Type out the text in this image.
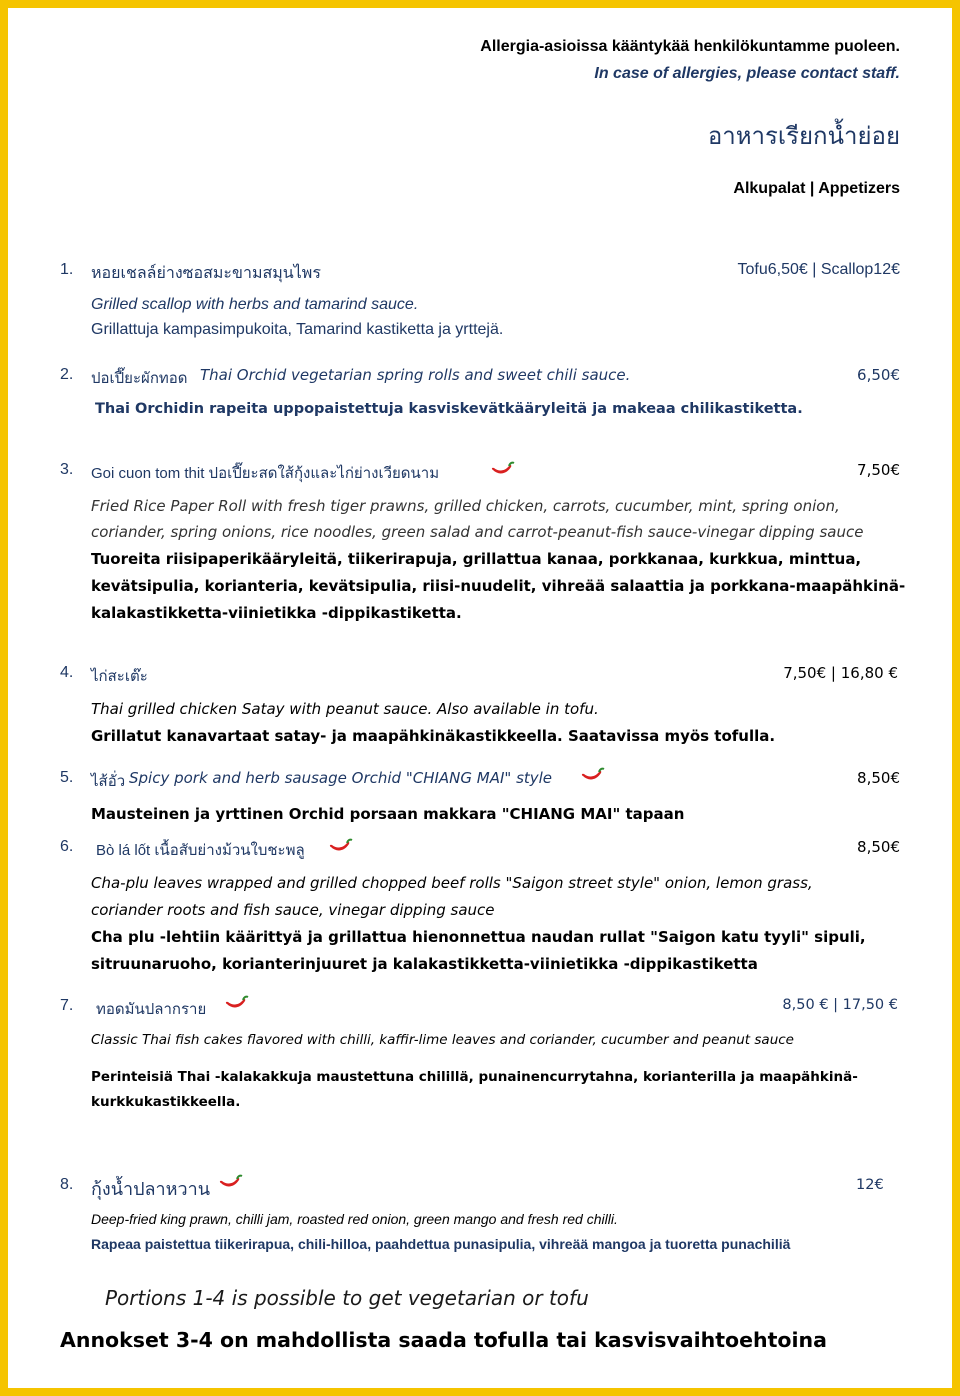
Allergia-asioissa kääntykää henkilökuntamme puoleen.
In case of allergies, please contact staff.
อาหารเรียกน้ำย่อย
Alkupalat | Appetizers
1. หอยเชลล์ย่างซอสมะขามสมุนไพร	Tofu6,50€ | Scallop12€
Grilled scallop with herbs and tamarind sauce.
Grillattuja kampasimpukoita, Tamarind kastiketta ja yrttejä.
2. ปอเปี๊ยะผักทอด Thai Orchid vegetarian spring rolls and sweet chili sauce.	6,50€
Thai Orchidin rapeita uppopaistettuja kasviskevätkääryleitä ja makeaa chilikastiketta.
3. Goi cuon tom thit ปอเปี๊ยะสดใส้กุ้งและไก่ย่างเวียดนาม	7,50€
Fried Rice Paper Roll with fresh tiger prawns, grilled chicken, carrots, cucumber, mint, spring onion,
coriander, spring onions, rice noodles, green salad and carrot-peanut-fish sauce-vinegar dipping sauce
Tuoreita riisipaperikääryleitä, tiikerirapuja, grillattua kanaa, porkkanaa, kurkkua, minttua,
kevätsipulia, korianteria, kevätsipulia, riisi-nuudelit, vihreää salaattia ja porkkana-maapähkinä-
kalakastikketta-viinietikka -dippikastiketta.
4. ไก่สะเต๊ะ	7,50€ | 16,80 €
Thai grilled chicken Satay with peanut sauce. Also available in tofu.
Grillatut kanavartaat satay- ja maapähkinäkastikkeella. Saatavissa myös tofulla.
5. ไส้อั่ว Spicy pork and herb sausage Orchid "CHIANG MAI" style	8,50€
Mausteinen ja yrttinen Orchid porsaan makkara "CHIANG MAI" tapaan
6. Bò lá lốt เนื้อสับย่างม้วนใบชะพลู	8,50€
Cha-plu leaves wrapped and grilled chopped beef rolls "Saigon street style" onion, lemon grass,
coriander roots and fish sauce, vinegar dipping sauce
Cha plu -lehtiin käärittyä ja grillattua hienonnettua naudan rullat "Saigon katu tyyli" sipuli,
sitruunaruoho, korianterinjuuret ja kalakastikketta-viinietikka -dippikastiketta
7. ทอดมันปลากราย	8,50 € | 17,50 €
Classic Thai fish cakes flavored with chilli, kaffir-lime leaves and coriander, cucumber and peanut sauce
Perinteisiä Thai -kalakakkuja maustettuna chilillä, punainencurrytahna, korianterilla ja maapähkinä-
kurkkukastikkeella.
8. กุ้งน้ำปลาหวาน	12€
Deep-fried king prawn, chilli jam, roasted red onion, green mango and fresh red chilli.
Rapeaa paistettua tiikerirapua, chili-hilloa, paahdettua punasipulia, vihreää mangoa ja tuoretta punachiliä
Portions 1-4 is possible to get vegetarian or tofu
Annokset 3-4 on mahdollista saada tofulla tai kasvisvaihtoehtoina
